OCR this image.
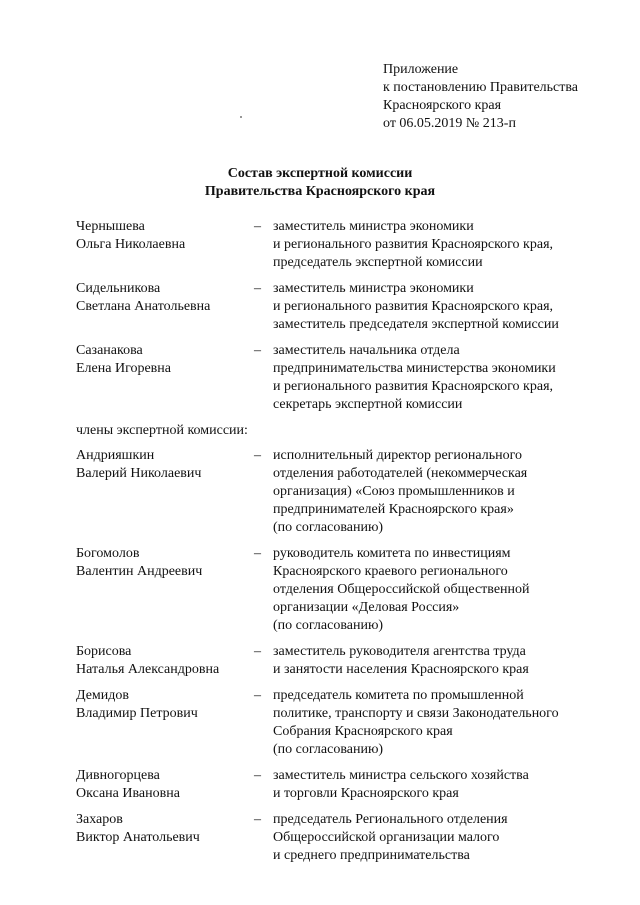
Приложение
к постановлению Правительства
Красноярского края
от 06.05.2019 № 213-п
Состав экспертной комиссии
Правительства Красноярского края
Чернышева
Ольга Николаевна
– заместитель министра экономики
и регионального развития Красноярского края,
председатель экспертной комиссии
Сидельникова
Светлана Анатольевна
– заместитель министра экономики
и регионального развития Красноярского края,
заместитель председателя экспертной комиссии
Сазанакова
Елена Игоревна
– заместитель начальника отдела
предпринимательства министерства экономики
и регионального развития Красноярского края,
секретарь экспертной комиссии
члены экспертной комиссии:
Андрияшкин
Валерий Николаевич
– исполнительный директор регионального
отделения работодателей (некоммерческая
организация) «Союз промышленников и
предпринимателей Красноярского края»
(по согласованию)
Богомолов
Валентин Андреевич
– руководитель комитета по инвестициям
Красноярского краевого регионального
отделения Общероссийской общественной
организации «Деловая Россия»
(по согласованию)
Борисова
Наталья Александровна
– заместитель руководителя агентства труда
и занятости населения Красноярского края
Демидов
Владимир Петрович
– председатель комитета по промышленной
политике, транспорту и связи Законодательного
Собрания Красноярского края
(по согласованию)
Дивногорцева
Оксана Ивановна
– заместитель министра сельского хозяйства
и торговли Красноярского края
Захаров
Виктор Анатольевич
– председатель Регионального отделения
Общероссийской организации малого
и среднего предпринимательства
